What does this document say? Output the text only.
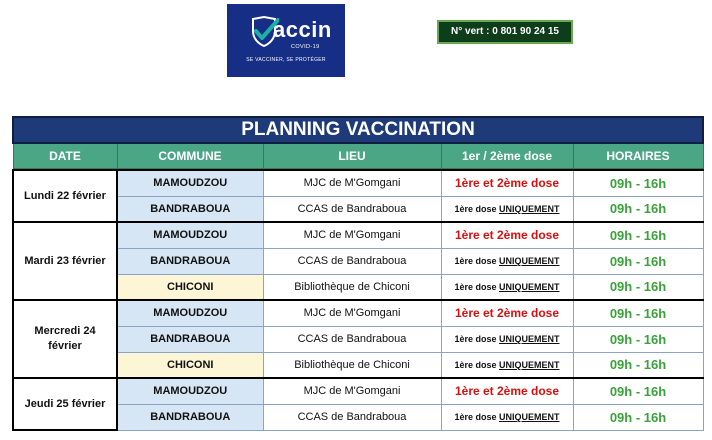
accin
COVID-19
SE VACCINER, SE PROTÉGER
N° vert : 0 801 90 24 15
PLANNING VACCINATION				
DATE	COMMUNE	LIEU	1er / 2ème dose	HORAIRES

Lundi 22 février	MAMOUDZOU	MJC de M'Gomgani	1ère et 2ème dose	09h - 16h
	BANDRABOUA	CCAS de Bandraboua	1ère dose UNIQUEMENT	09h - 16h
Mardi 23 février	MAMOUDZOU	MJC de M'Gomgani	1ère et 2ème dose	09h - 16h
	BANDRABOUA	CCAS de Bandraboua	1ère dose UNIQUEMENT	09h - 16h
	CHICONI	Bibliothèque de Chiconi	1ère dose UNIQUEMENT	09h - 16h
Mercredi 24
février	MAMOUDZOU	MJC de M'Gomgani	1ère et 2ème dose	09h - 16h
	BANDRABOUA	CCAS de Bandraboua	1ère dose UNIQUEMENT	09h - 16h
	CHICONI	Bibliothèque de Chiconi	1ère dose UNIQUEMENT	09h - 16h
Jeudi 25 février	MAMOUDZOU	MJC de M'Gomgani	1ère et 2ème dose	09h - 16h
	BANDRABOUA	CCAS de Bandraboua	1ère dose UNIQUEMENT	09h - 16h
